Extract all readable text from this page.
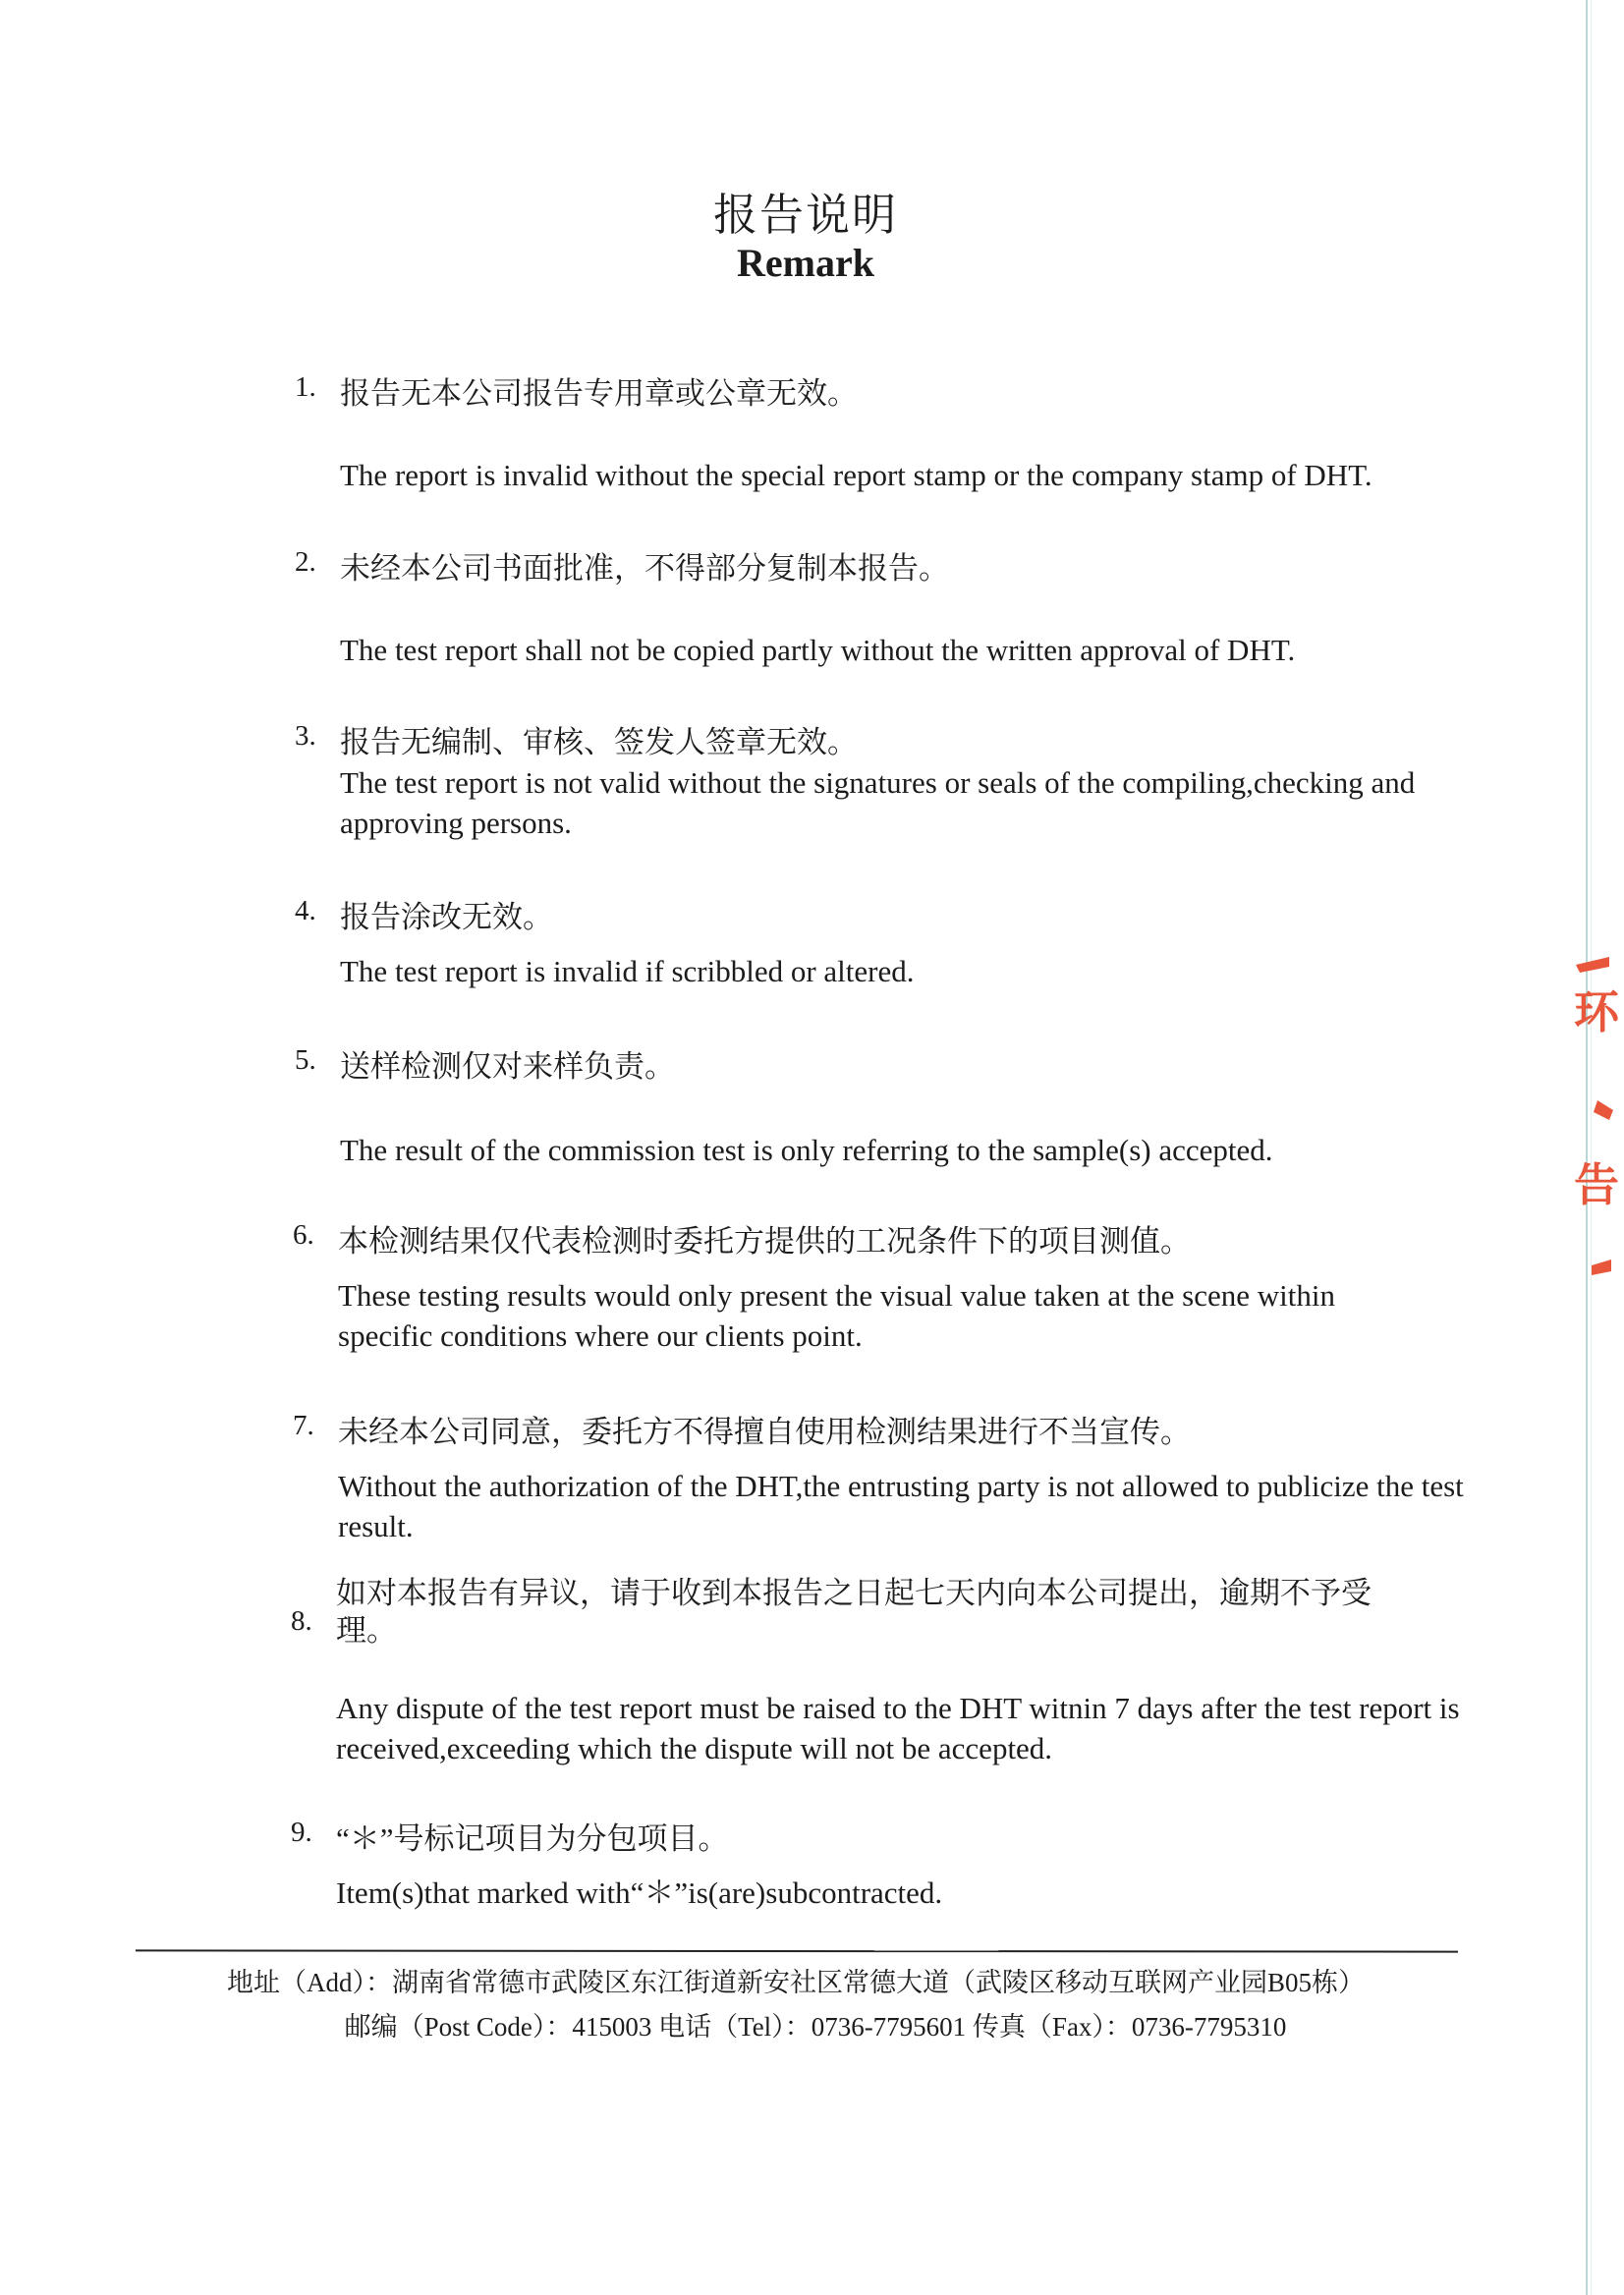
报告说明
Remark
1. 报告无本公司报告专用章或公章无效。
The report is invalid without the special report stamp or the company stamp of DHT.
2. 未经本公司书面批准，不得部分复制本报告。
The test report shall not be copied partly without the written approval of DHT.
3. 报告无编制、审核、签发人签章无效。
The test report is not valid without the signatures or seals of the compiling,checking and approving persons.
4. 报告涂改无效。
The test report is invalid if scribbled or altered.
5. 送样检测仅对来样负责。
The result of the commission test is only referring to the sample(s) accepted.
6. 本检测结果仅代表检测时委托方提供的工况条件下的项目测值。
These testing results would only present the visual value taken at the scene within specific conditions where our clients point.
7. 未经本公司同意，委托方不得擅自使用检测结果进行不当宣传。
Without the authorization of the DHT,the entrusting party is not allowed to publicize the test result.
8.
如对本报告有异议，请于收到本报告之日起七天内向本公司提出，逾期不予受
理。
Any dispute of the test report must be raised to the DHT witnin 7 days after the test report is received,exceeding which the dispute will not be accepted.
9. “＊”号标记项目为分包项目。
Item(s)that marked with“＊”is(are)subcontracted.
地址（Add）：湖南省常德市武陵区东江街道新安社区常德大道（武陵区移动互联网产业园B05栋）
邮编（Post Code）：415003 电话（Tel）：0736-7795601 传真（Fax）：0736-7795310
环
告
